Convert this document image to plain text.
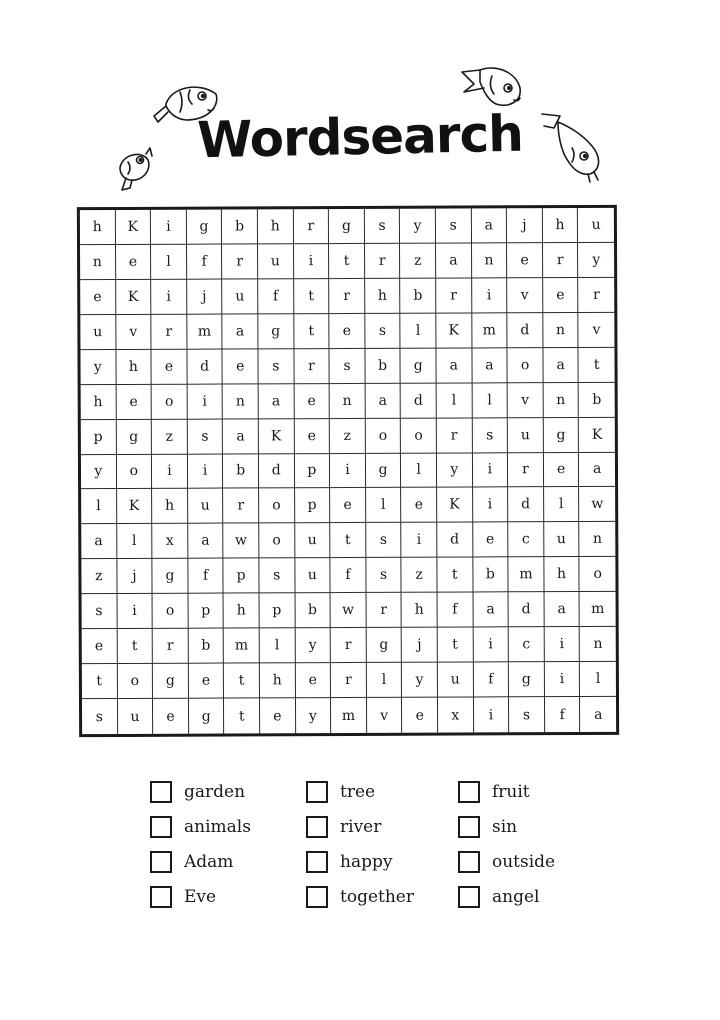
Wordsearch
h	K	i	g	b	h	r	g	s	y	s	a	j	h	u
n	e	l	f	r	u	i	t	r	z	a	n	e	r	y
e	K	i	j	u	f	t	r	h	b	r	i	v	e	r
u	v	r	m	a	g	t	e	s	l	K	m	d	n	v
y	h	e	d	e	s	r	s	b	g	a	a	o	a	t
h	e	o	i	n	a	e	n	a	d	l	l	v	n	b
p	g	z	s	a	K	e	z	o	o	r	s	u	g	K
y	o	i	i	b	d	p	i	g	l	y	i	r	e	a
l	K	h	u	r	o	p	e	l	e	K	i	d	l	w
a	l	x	a	w	o	u	t	s	i	d	e	c	u	n
z	j	g	f	p	s	u	f	s	z	t	b	m	h	o
s	i	o	p	h	p	b	w	r	h	f	a	d	a	m
e	t	r	b	m	l	y	r	g	j	t	i	c	i	n
t	o	g	e	t	h	e	r	l	y	u	f	g	i	l
s	u	e	g	t	e	y	m	v	e	x	i	s	f	a
garden	tree	fruit
animals	river	sin
Adam	happy	outside
Eve	together	angel
